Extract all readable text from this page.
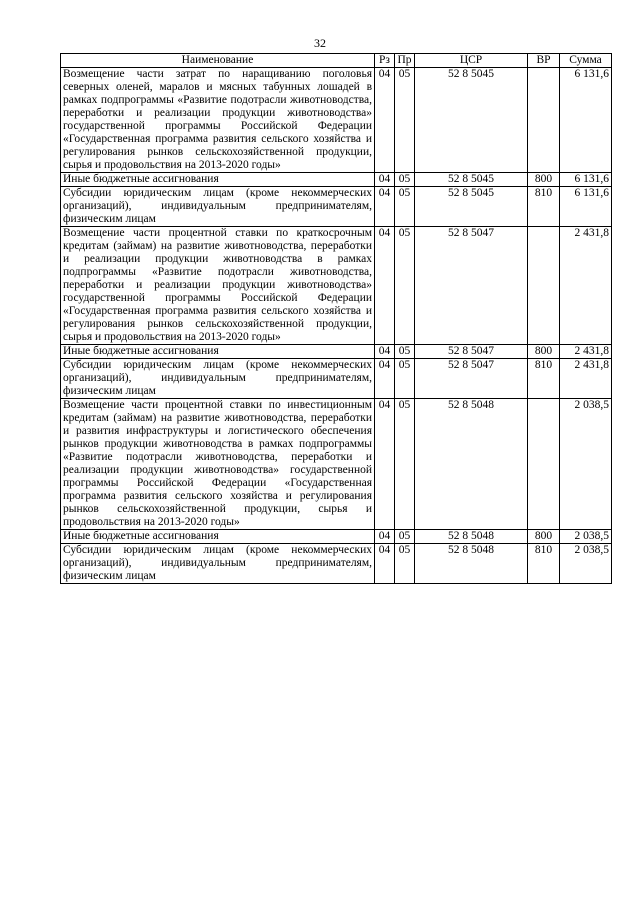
32
Наименование	Рз	Пр	ЦСР	ВР	Сумма
Возмещение части затрат по наращиванию поголовья северных оленей, маралов и мясных табунных лошадей в рамках подпрограммы «Развитие подотрасли животноводства, переработки и реализации продукции животноводства» государственной программы Российской Федерации «Государственная программа развития сельского хозяйства и регулирования рынков сельскохозяйственной продукции, сырья и продовольствия на 2013-2020 годы»	04	05	52 8 5045		6 131,6
Иные бюджетные ассигнования	04	05	52 8 5045	800	6 131,6
Субсидии юридическим лицам (кроме некоммерческих организаций), индивидуальным предпринимателям, физическим лицам	04	05	52 8 5045	810	6 131,6
Возмещение части процентной ставки по краткосрочным кредитам (займам) на развитие животноводства, переработки и реализации продукции животноводства в рамках подпрограммы «Развитие подотрасли животноводства, переработки и реализации продукции животноводства» государственной программы Российской Федерации «Государственная программа развития сельского хозяйства и регулирования рынков сельскохозяйственной продукции, сырья и продовольствия на 2013-2020 годы»	04	05	52 8 5047		2 431,8
Иные бюджетные ассигнования	04	05	52 8 5047	800	2 431,8
Субсидии юридическим лицам (кроме некоммерческих организаций), индивидуальным предпринимателям, физическим лицам	04	05	52 8 5047	810	2 431,8
Возмещение части процентной ставки по инвестиционным кредитам (займам) на развитие животноводства, переработки и развития инфраструктуры и логистического обеспечения рынков продукции животноводства в рамках подпрограммы «Развитие подотрасли животноводства, переработки и реализации продукции животноводства» государственной программы Российской Федерации «Государственная программа развития сельского хозяйства и регулирования рынков сельскохозяйственной продукции, сырья и продовольствия на 2013-2020 годы»	04	05	52 8 5048		2 038,5
Иные бюджетные ассигнования	04	05	52 8 5048	800	2 038,5
Субсидии юридическим лицам (кроме некоммерческих организаций), индивидуальным предпринимателям, физическим лицам	04	05	52 8 5048	810	2 038,5
